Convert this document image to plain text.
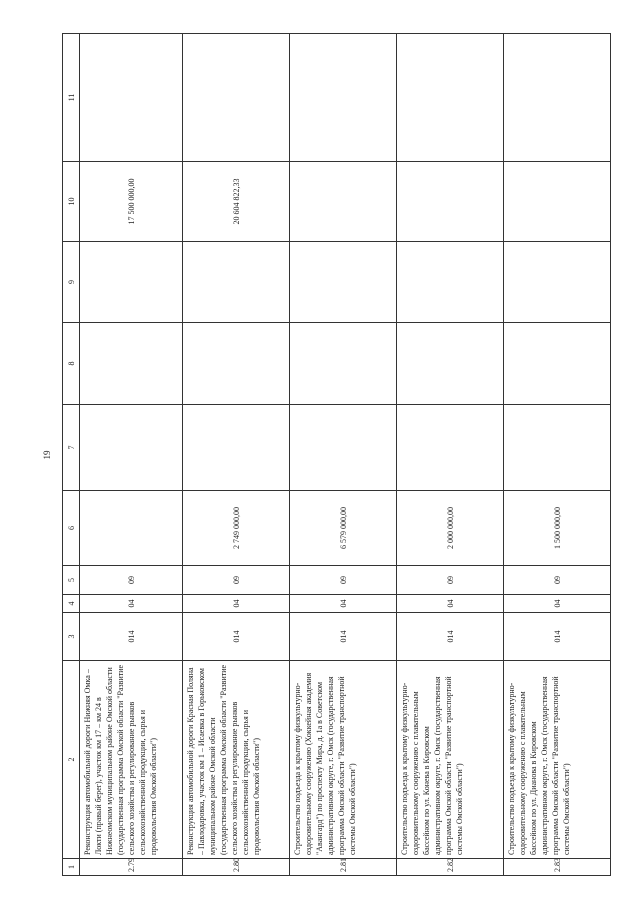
19
1	2	3	4	5	6	7	8	9	10	11
2.79	Реконструкция автомобильной дороги Нижняя Омка – Локти (правый берег), участок км 17 – км 24 в Нижнеомском муниципальном районе Омской области (государственная программа Омской области "Развитие сельского хозяйства и регулирование рынков сельскохозяйственной продукции, сырья и продовольствия Омской области")	014	04	09					17 500 000,00	
2.80	Реконструкция автомобильной дороги Красная Поляна – Павлодаровка, участок км 1 – Исаевка в Горьковском муниципальном районе Омской области (государственная программа Омской области "Развитие сельского хозяйства и регулирование рынков сельскохозяйственной продукции, сырья и продовольствия Омской области")	014	04	09	2 749 000,00				20 604 822,33	
2.81	Строительство подъезда к крытому физкультурно-оздоровительному сооружению (Хоккейная академия "Авангард") по проспекту Мира, д. 1а в Советском административном округе, г. Омск (государственная программа Омской области "Развитие транспортной системы Омской области")	014	04	09	6 579 000,00					
2.82	Строительство подъезда к крытому физкультурно-оздоровительному сооружению с плавательным бассейном по ул. Конева в Кировском административном округе, г. Омск (государственная программа Омской области "Развитие транспортной системы Омской области")	014	04	09	2 000 000,00					
2.83	Строительство подъезда к крытому физкультурно-оздоровительному сооружению с плавательным бассейном по ул. Дианова в Кировском административном округе, г. Омск (государственная программа Омской области "Развитие транспортной системы Омской области")	014	04	09	1 500 000,00					
